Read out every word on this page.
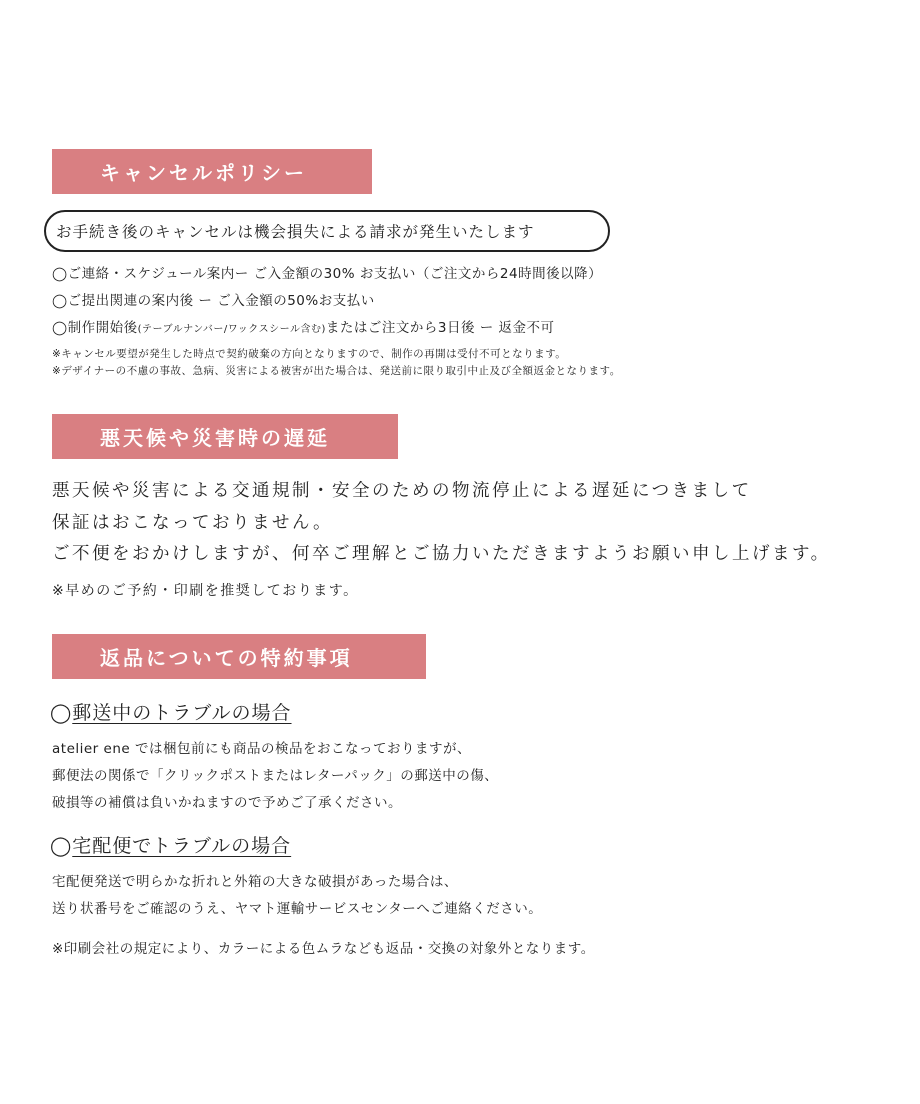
キャンセルポリシー
お手続き後のキャンセルは機会損失による請求が発生いたします
◯ご連絡・スケジュール案内ー ご入金額の30% お支払い（ご注文から24時間後以降）
◯ご提出関連の案内後 ー ご入金額の50%お支払い
◯制作開始後(テーブルナンバー/ワックスシール含む)またはご注文から3日後 ー 返金不可
※キャンセル要望が発生した時点で契約破棄の方向となりますので、制作の再開は受付不可となります。
※デザイナーの不慮の事故、急病、災害による被害が出た場合は、発送前に限り取引中止及び全額返金となります。
悪天候や災害時の遅延
悪天候や災害による交通規制・安全のための物流停止による遅延につきまして
保証はおこなっておりません。
ご不便をおかけしますが、何卒ご理解とご協力いただきますようお願い申し上げます。
※早めのご予約・印刷を推奨しております。
返品についての特約事項
◯郵送中のトラブルの場合
atelier ene では梱包前にも商品の検品をおこなっておりますが、
郵便法の関係で「クリックポストまたはレターパック」の郵送中の傷、
破損等の補償は負いかねますので予めご了承ください。
◯宅配便でトラブルの場合
宅配便発送で明らかな折れと外箱の大きな破損があった場合は、
送り状番号をご確認のうえ、ヤマト運輸サービスセンターへご連絡ください。
※印刷会社の規定により、カラーによる色ムラなども返品・交換の対象外となります。
